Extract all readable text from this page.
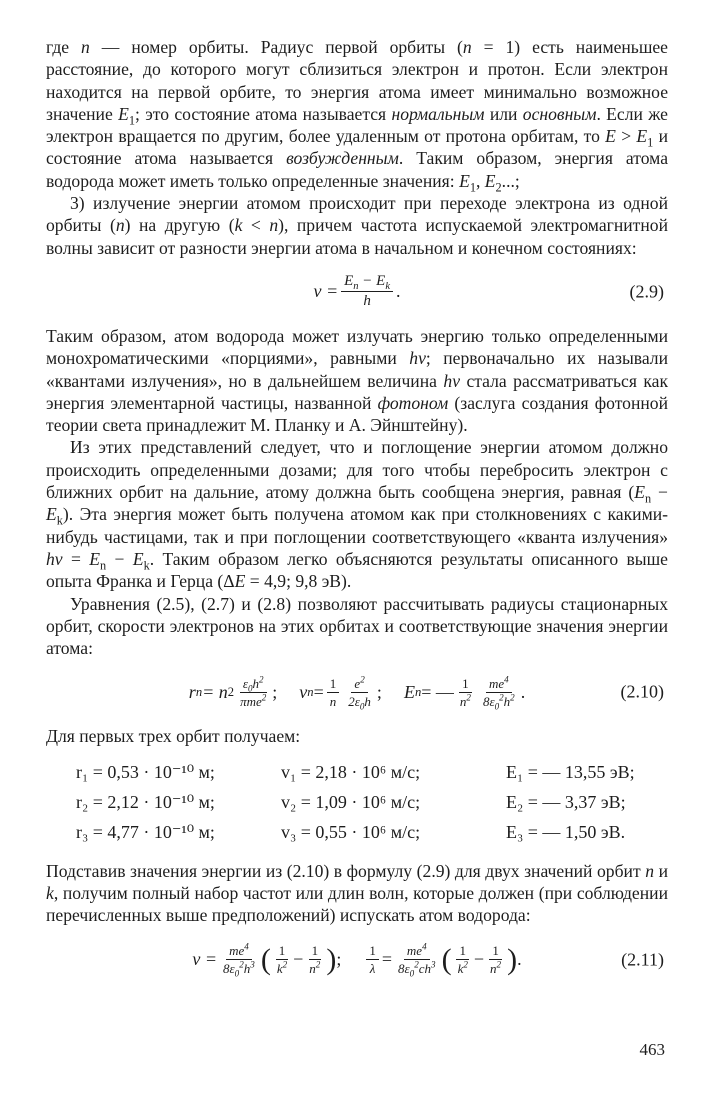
где n — номер орбиты. Радиус первой орбиты (n = 1) есть наименьшее расстояние, до которого могут сблизиться электрон и протон. Если электрон находится на первой орбите, то энергия атома имеет минимально возможное значение $E_1$; это состояние атома называется нормальным или основным. Если же электрон вращается по другим, более удаленным от протона орбитам, то $E > E_1$ и состояние атома называется возбужденным. Таким образом, энергия атома водорода может иметь только определенные значения: $E_1$, $E_2$...;

3) излучение энергии атомом происходит при переходе электрона из одной орбиты (n) на другую (k < n), причем частота испускаемой электромагнитной волны зависит от разности энергии атома в начальном и конечном состояниях:

$\nu = \frac{E_n - E_k}{h}$ .	(2.9)

Таким образом, атом водорода может излучать энергию только определенными монохроматическими «порциями», равными hν; первоначально их называли «квантами излучения», но в дальнейшем величина hν стала рассматриваться как энергия элементарной частицы, названной фотоном (заслуга создания фотонной теории света принадлежит М. Планку и А. Эйнштейну).

Из этих представлений следует, что и поглощение энергии атомом должно происходить определенными дозами; для того чтобы перебросить электрон с ближних орбит на дальние, атому должна быть сообщена энергия, равная $(E_n - E_k)$. Эта энергия может быть получена атомом как при столкновениях с какими-нибудь частицами, так и при поглощении соответствующего «кванта излучения» $h\nu = E_n - E_k$. Таким образом легко объясняются результаты описанного выше опыта Франка и Герца (ΔE = 4,9; 9,8 эВ).

Уравнения (2.5), (2.7) и (2.8) позволяют рассчитывать радиусы стационарных орбит, скорости электронов на этих орбитах и соответствующие значения энергии атома:

r n = n $2 \frac{\varepsilon_0h^2}{\pi me^2}$ ; v $n = \frac{1}{n} \frac{e^2}{2\varepsilon_0h}$ ; E n = — $\frac{1}{n^2} \frac{me^4}{8\varepsilon_0^2h^2}$ .	(2.10)

Для первых трех орбит получаем:

r₁ = 0,53 · 10⁻¹⁰ м;	v₁ = 2,18 · 10⁶ м/с;	E₁ = — 13,55 эВ;
r₂ = 2,12 · 10⁻¹⁰ м;	v₂ = 1,09 · 10⁶ м/с;	E₂ = — 3,37 эВ;
r₃ = 4,77 · 10⁻¹⁰ м;	v₃ = 0,55 · 10⁶ м/с;	E₃ = — 1,50 эВ.

Подставив значения энергии из (2.10) в формулу (2.9) для двух значений орбит n и k, получим полный набор частот или длин волн, которые должен (при соблюдении перечисленных выше предположений) испускать атом водорода:

$\nu = \frac{me^4}{8\varepsilon_0^2h^3}$ ( $\frac{1}{k^2} - \frac{1}{n^2}$ ) ; $\frac{1}{\lambda} = \frac{me^4}{8\varepsilon_0^2ch^3}$ ( $\frac{1}{k^2} - \frac{1}{n^2}$ ) .	(2.11)
463
